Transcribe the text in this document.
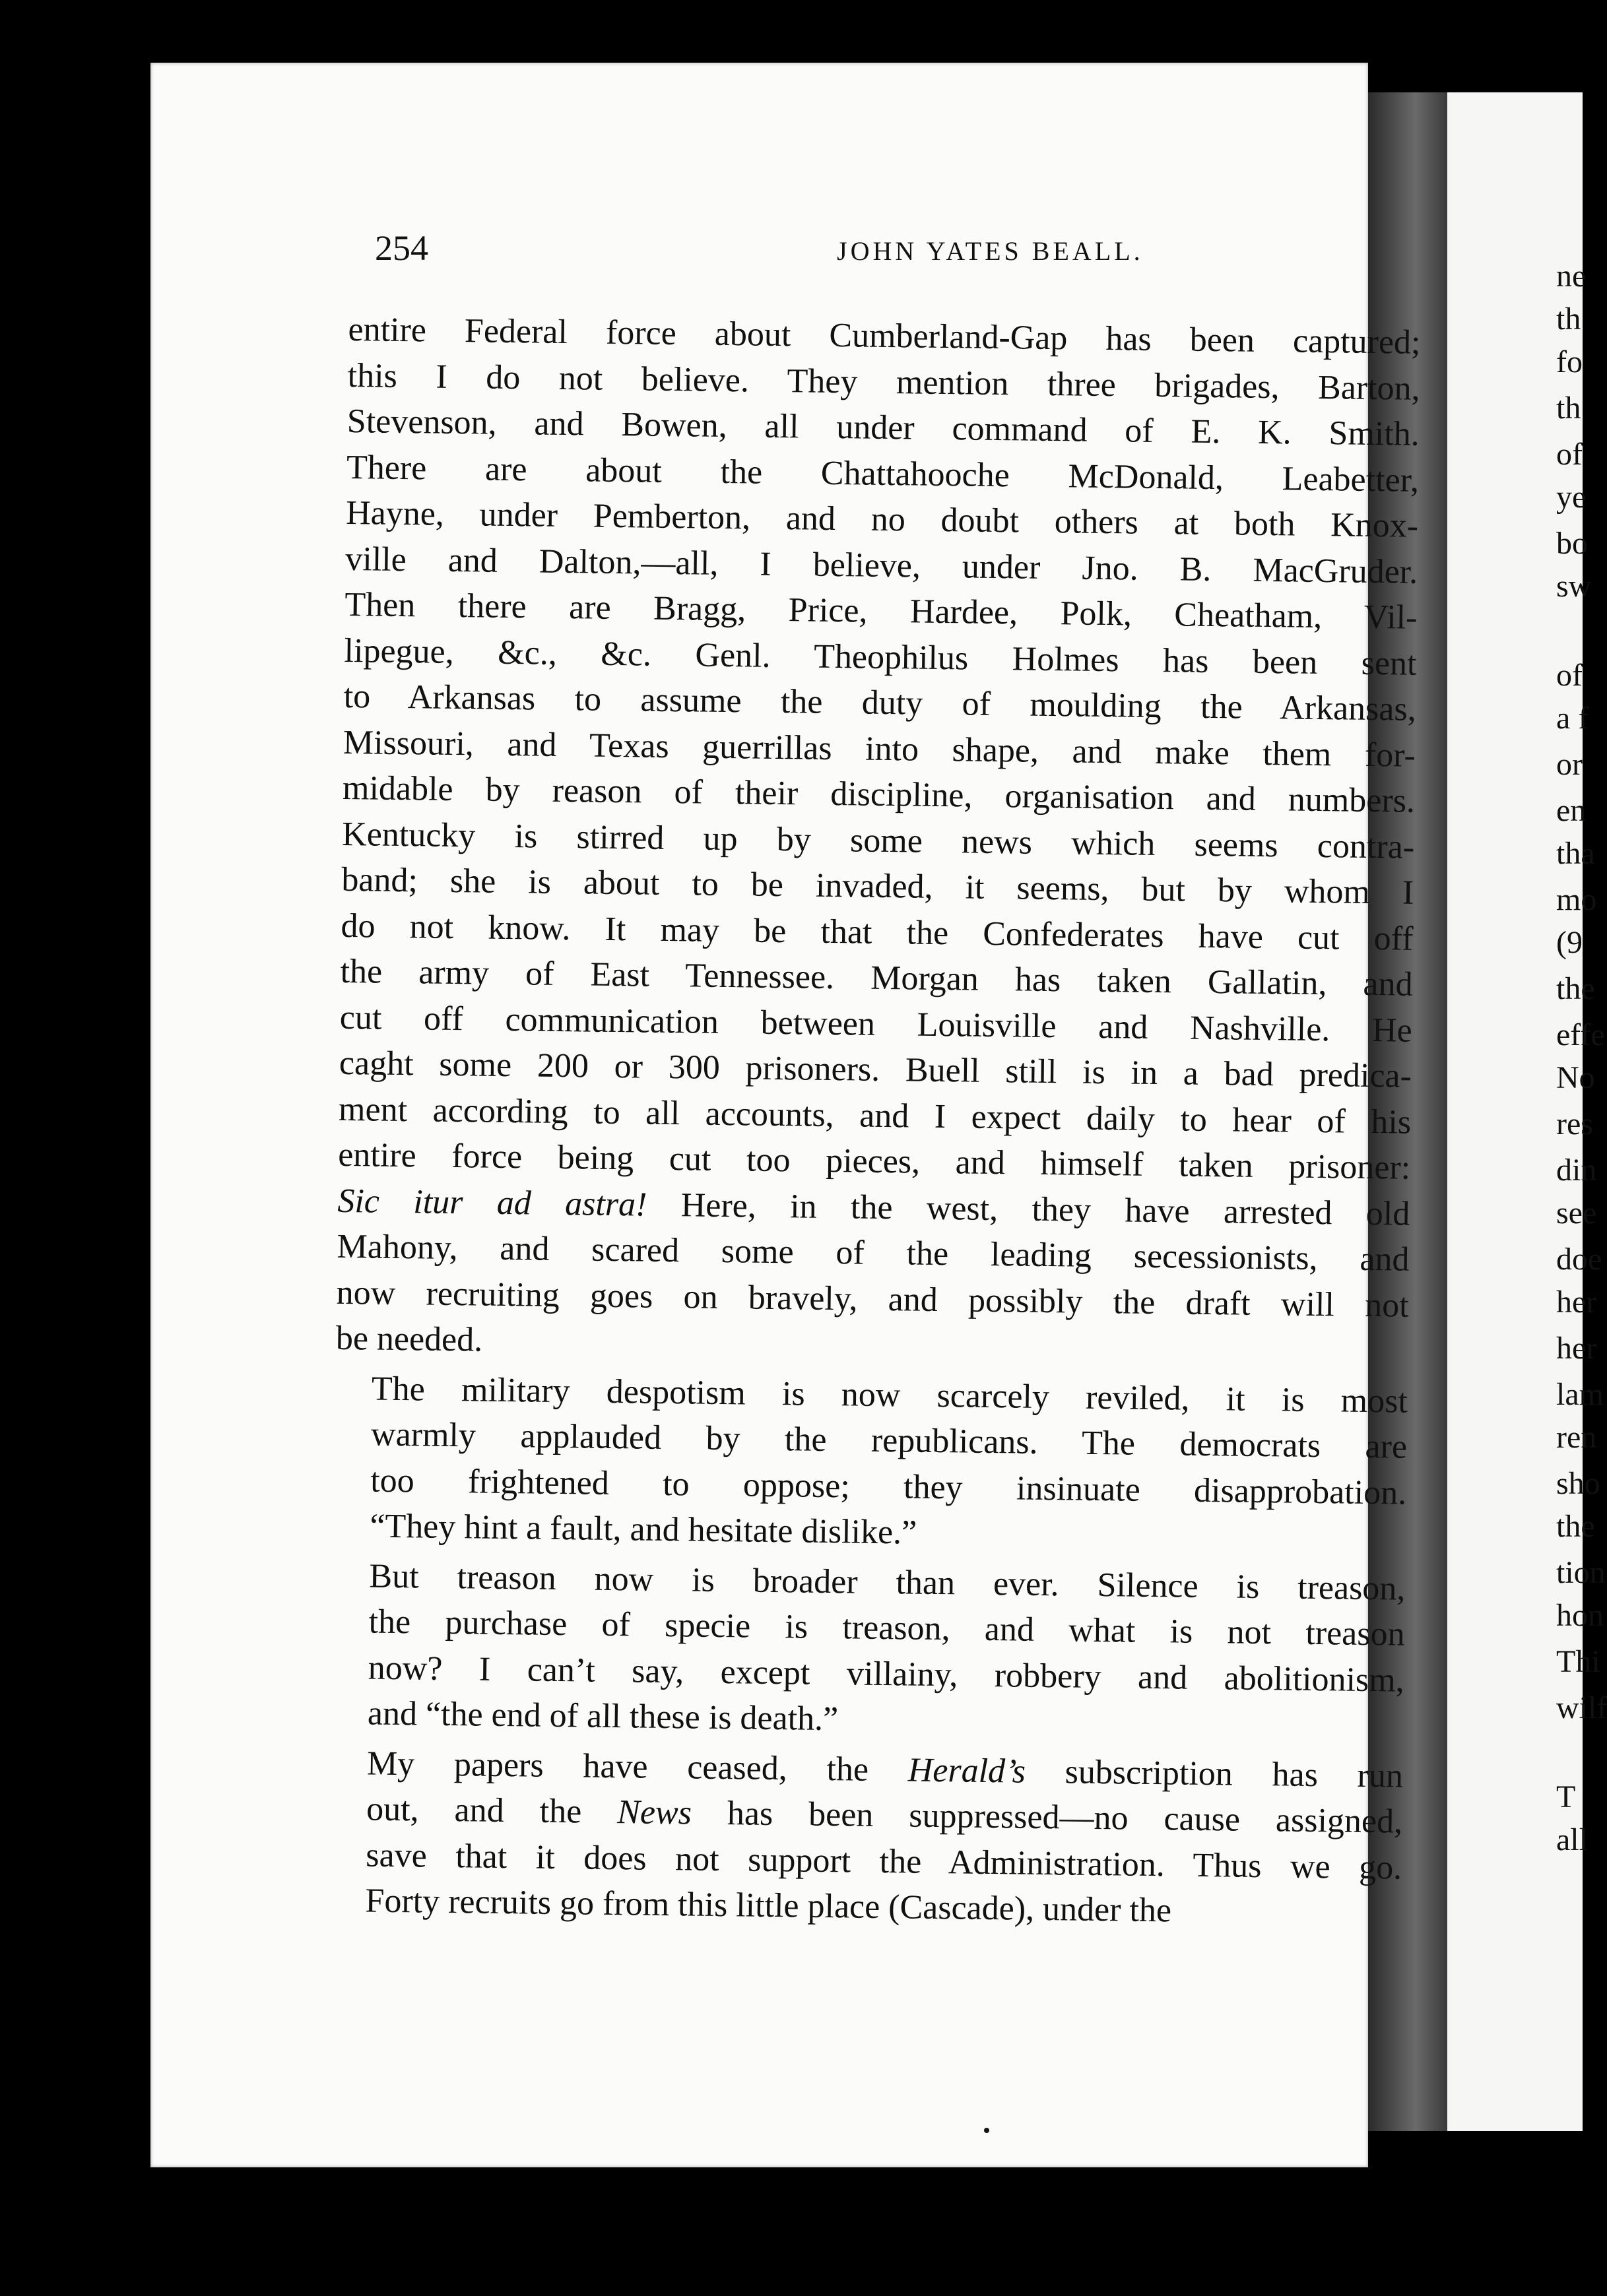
ne
th
fo
th
of
ye
bo
sw
of
a f
or
en
tha
mo
(9
the
effe
No
res
din
see
doe
her
her
lam
ren
sho
the
tion
hon
Thi
wilf
T
all
254	JOHN YATES BEALL.

entire Federal force about Cumberland-Gap has been captured;
this I do not believe. They mention three brigades, Barton,
Stevenson, and Bowen, all under command of E. K. Smith.
There are about the Chattahooche McDonald, Leabetter,
Hayne, under Pemberton, and no doubt others at both Knox-
ville and Dalton,—all, I believe, under Jno. B. MacGruder.
Then there are Bragg, Price, Hardee, Polk, Cheatham, Vil-
lipegue, &c., &c. Genl. Theophilus Holmes has been sent
to Arkansas to assume the duty of moulding the Arkansas,
Missouri, and Texas guerrillas into shape, and make them for-
midable by reason of their discipline, organisation and numbers.
Kentucky is stirred up by some news which seems contra-
band; she is about to be invaded, it seems, but by whom I
do not know. It may be that the Confederates have cut off
the army of East Tennessee. Morgan has taken Gallatin, and
cut off communication between Louisville and Nashville. He
caght some 200 or 300 prisoners. Buell still is in a bad predica-
ment according to all accounts, and I expect daily to hear of his
entire force being cut too pieces, and himself taken prisoner:
Sic itur ad astra! Here, in the west, they have arrested old
Mahony, and scared some of the leading secessionists, and
now recruiting goes on bravely, and possibly the draft will not
be needed.

The military despotism is now scarcely reviled, it is most
warmly applauded by the republicans. The democrats are
too frightened to oppose; they insinuate disapprobation.
“They hint a fault, and hesitate dislike.”

But treason now is broader than ever. Silence is treason,
the purchase of specie is treason, and what is not treason
now? I can’t say, except villainy, robbery and abolitionism,
and “the end of all these is death.”

My papers have ceased, the Herald’s subscription has run
out, and the News has been suppressed—no cause assigned,
save that it does not support the Administration. Thus we go.
Forty recruits go from this little place (Cascade), under the
